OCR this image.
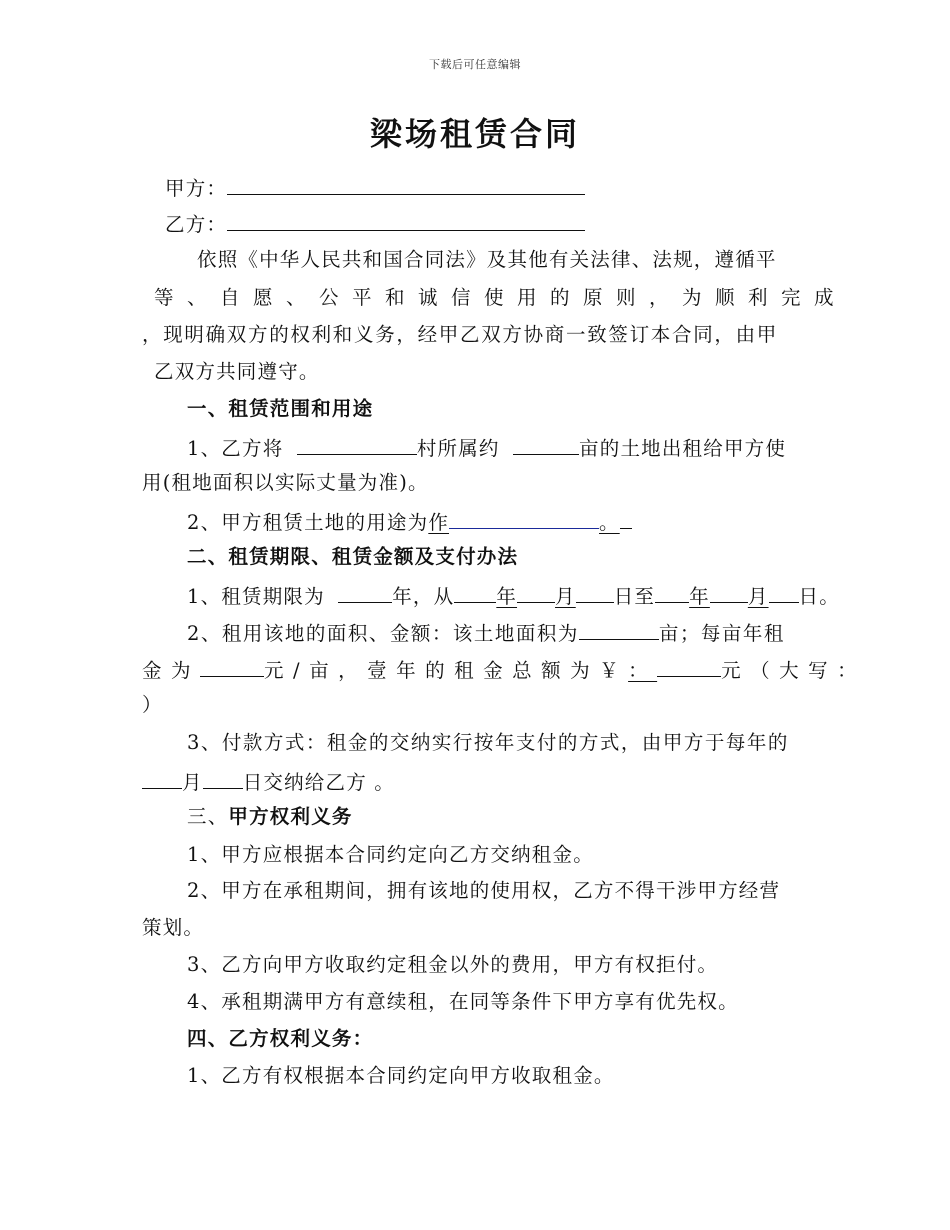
下载后可任意编辑
梁场租赁合同
甲方：
乙方：
依照《中华人民共和国合同法》及其他有关法律、法规，遵循平
等、自愿、公平和诚信使用的原则，为顺利完成
，现明确双方的权利和义务，经甲乙双方协商一致签订本合同，由甲
乙双方共同遵守。
一、租赁范围和用途
1、乙方将	村所属约	亩的土地出租给甲方使
用(租地面积以实际丈量为准)。
2、甲方租赁土地的用途为作	。
二、租赁期限、租赁金额及支付办法
1、租赁期限为	年，从 年 月 日至 年 月 日。
2、租用该地的面积、金额：该土地面积为	亩；每亩年租
金为	元/亩，壹年的租金总额为￥：	元（大写：
）
3、付款方式：租金的交纳实行按年支付的方式，由甲方于每年的
月 日交纳给乙方 。
三、甲方权利义务
1、甲方应根据本合同约定向乙方交纳租金。
2、甲方在承租期间，拥有该地的使用权，乙方不得干涉甲方经营
策划。
3、乙方向甲方收取约定租金以外的费用，甲方有权拒付。
4、承租期满甲方有意续租，在同等条件下甲方享有优先权。
四、乙方权利义务：
1、乙方有权根据本合同约定向甲方收取租金。
